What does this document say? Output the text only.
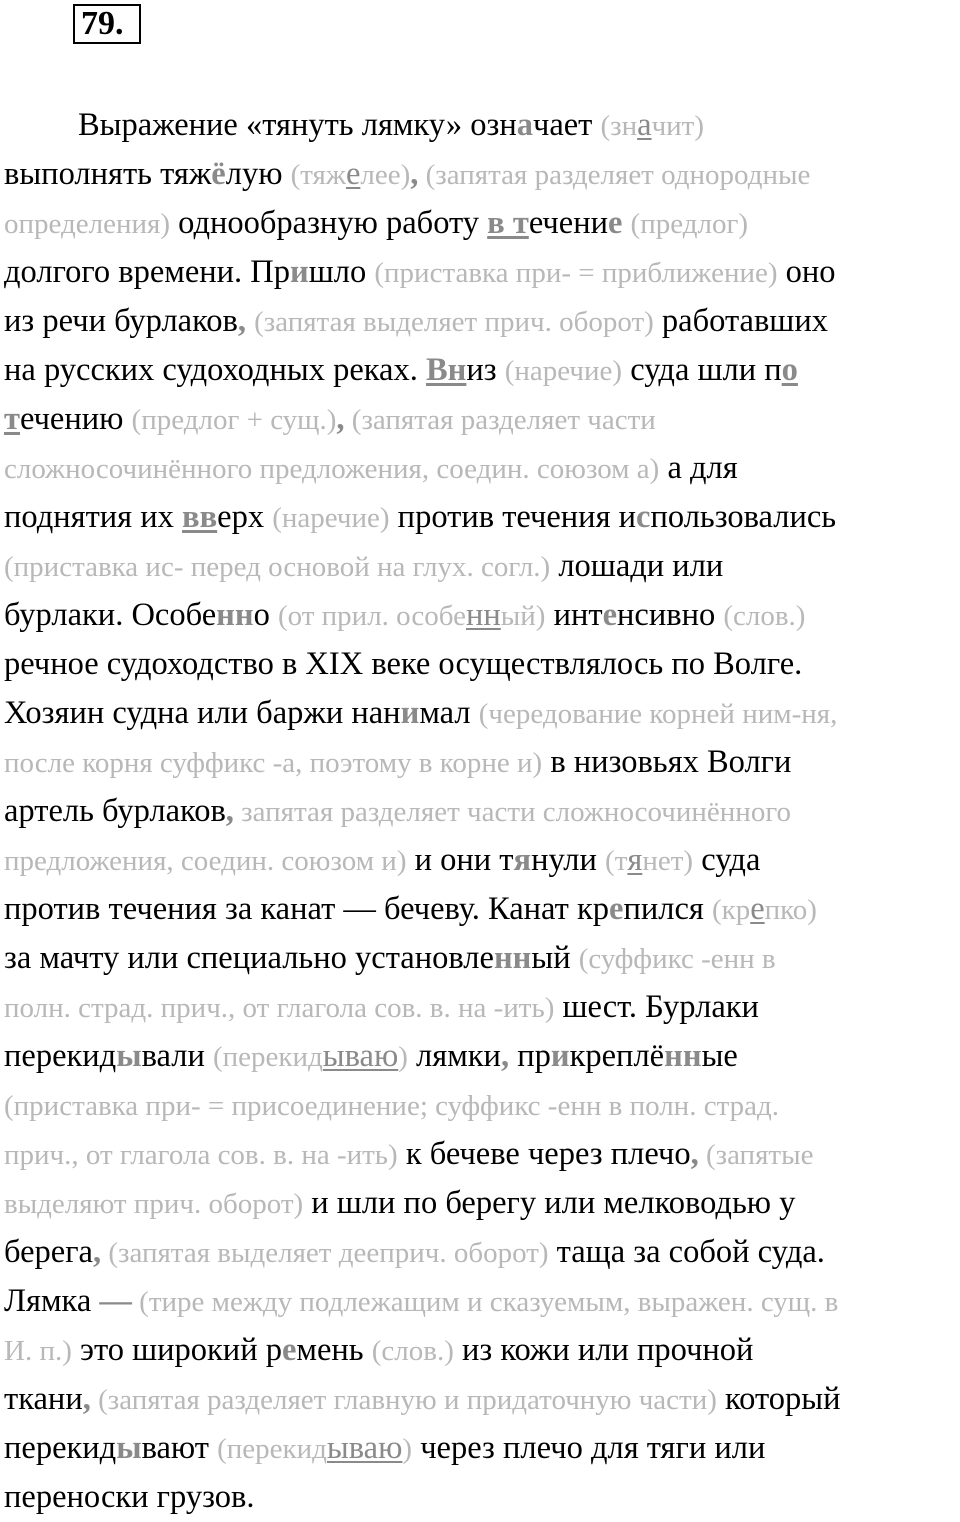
79.
Выражение «тянуть лямку» означает (значит)
выполнять тяжёлую (тяжелее), (запятая разделяет однородные
определения) однообразную работу в течение (предлог)
долгого времени. Пришло (приставка при- = приближение) оно
из речи бурлаков, (запятая выделяет прич. оборот) работавших
на русских судоходных реках. Вниз (наречие) суда шли по
течению (предлог + сущ.), (запятая разделяет части
сложносочинённого предложения, соедин. союзом а) а для
поднятия их вверх (наречие) против течения использовались
(приставка ис- перед основой на глух. согл.) лошади или
бурлаки. Особенно (от прил. особенный) интенсивно (слов.)
речное судоходство в XIX веке осуществлялось по Волге.
Хозяин судна или баржи нанимал (чередование корней ним-ня,
после корня суффикс -а, поэтому в корне и) в низовьях Волги
артель бурлаков, запятая разделяет части сложносочинённого
предложения, соедин. союзом и) и они тянули (тянет) суда
против течения за канат — бечеву. Канат крепился (крепко)
за мачту или специально установленный (суффикс -енн в
полн. страд. прич., от глагола сов. в. на -ить) шест. Бурлаки
перекидывали (перекидываю) лямки, прикреплённые
(приставка при- = присоединение; суффикс -енн в полн. страд.
прич., от глагола сов. в. на -ить) к бечеве через плечо, (запятые
выделяют прич. оборот) и шли по берегу или мелководью у
берега, (запятая выделяет дееприч. оборот) таща за собой суда.
Лямка — (тире между подлежащим и сказуемым, выражен. сущ. в
И. п.) это широкий ремень (слов.) из кожи или прочной
ткани, (запятая разделяет главную и придаточную части) который
перекидывают (перекидываю) через плечо для тяги или
переноски грузов.
